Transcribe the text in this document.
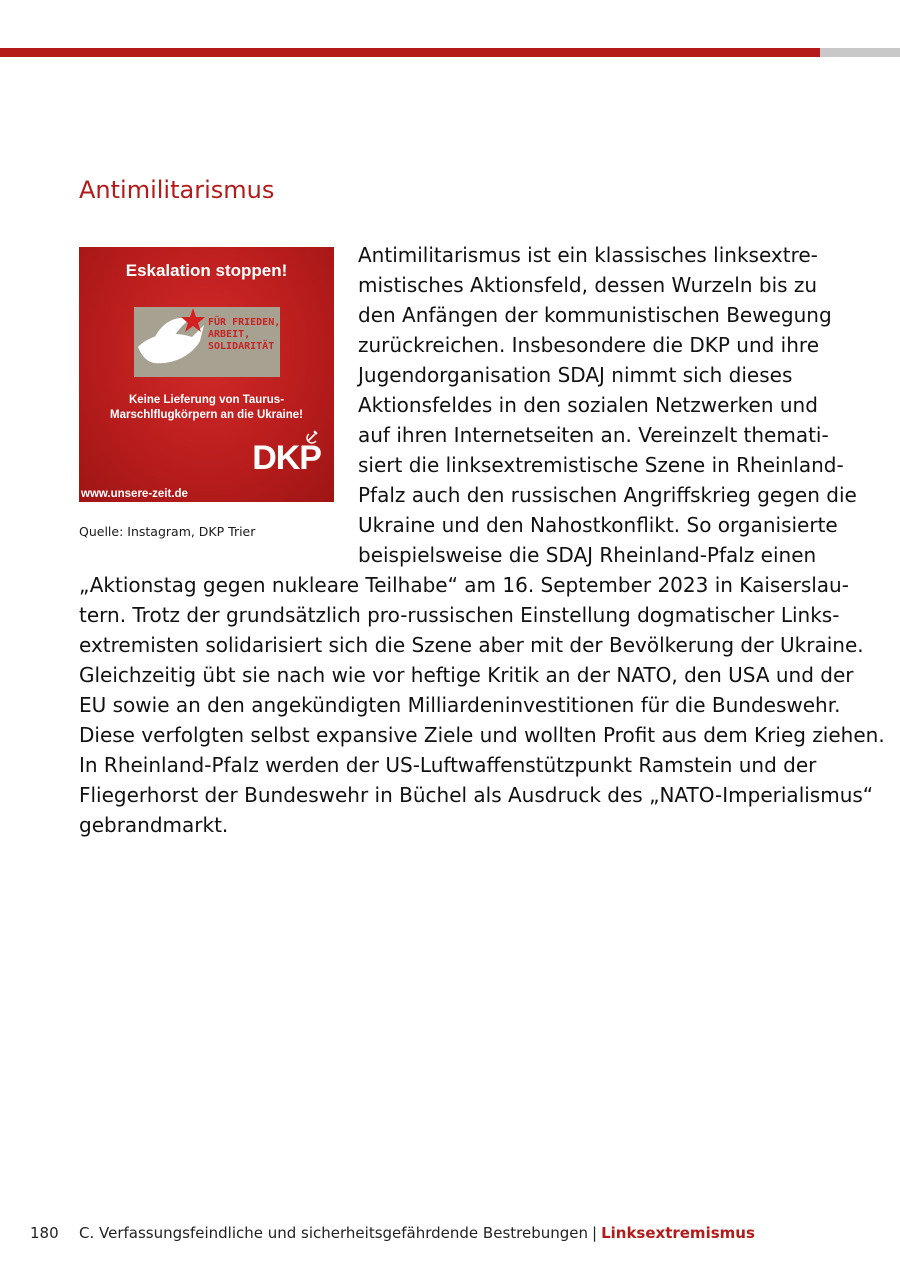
Antimilitarismus
Eskalation stoppen!
FÜR FRIEDEN,
ARBEIT,
SOLIDARITÄT
Keine Lieferung von Taurus-
Marschlflugkörpern an die Ukraine!
DKP
www.unsere-zeit.de
Quelle: Instagram, DKP Trier
Antimilitarismus ist ein klassisches linksextre-
mistisches Aktionsfeld, dessen Wurzeln bis zu
den Anfängen der kommunistischen Bewegung
zurückreichen. Insbesondere die DKP und ihre
Jugendorganisation SDAJ nimmt sich dieses
Aktionsfeldes in den sozialen Netzwerken und
auf ihren Internetseiten an. Vereinzelt themati-
siert die linksextremistische Szene in Rheinland-
Pfalz auch den russischen Angriffskrieg gegen die
Ukraine und den Nahostkonflikt. So organisierte
beispielsweise die SDAJ Rheinland-Pfalz einen
„Aktionstag gegen nukleare Teilhabe“ am 16. September 2023 in Kaiserslau-
tern. Trotz der grundsätzlich pro-russischen Einstellung dogmatischer Links-
extremisten solidarisiert sich die Szene aber mit der Bevölkerung der Ukraine.
Gleichzeitig übt sie nach wie vor heftige Kritik an der NATO, den USA und der
EU sowie an den angekündigten Milliardeninvestitionen für die Bundeswehr.
Diese verfolgten selbst expansive Ziele und wollten Profit aus dem Krieg ziehen.
In Rheinland-Pfalz werden der US-Luftwaffenstützpunkt Ramstein und der
Fliegerhorst der Bundeswehr in Büchel als Ausdruck des „NATO-Imperialismus“
gebrandmarkt.
180 C. Verfassungsfeindliche und sicherheitsgefährdende Bestrebungen | Linksextremismus
